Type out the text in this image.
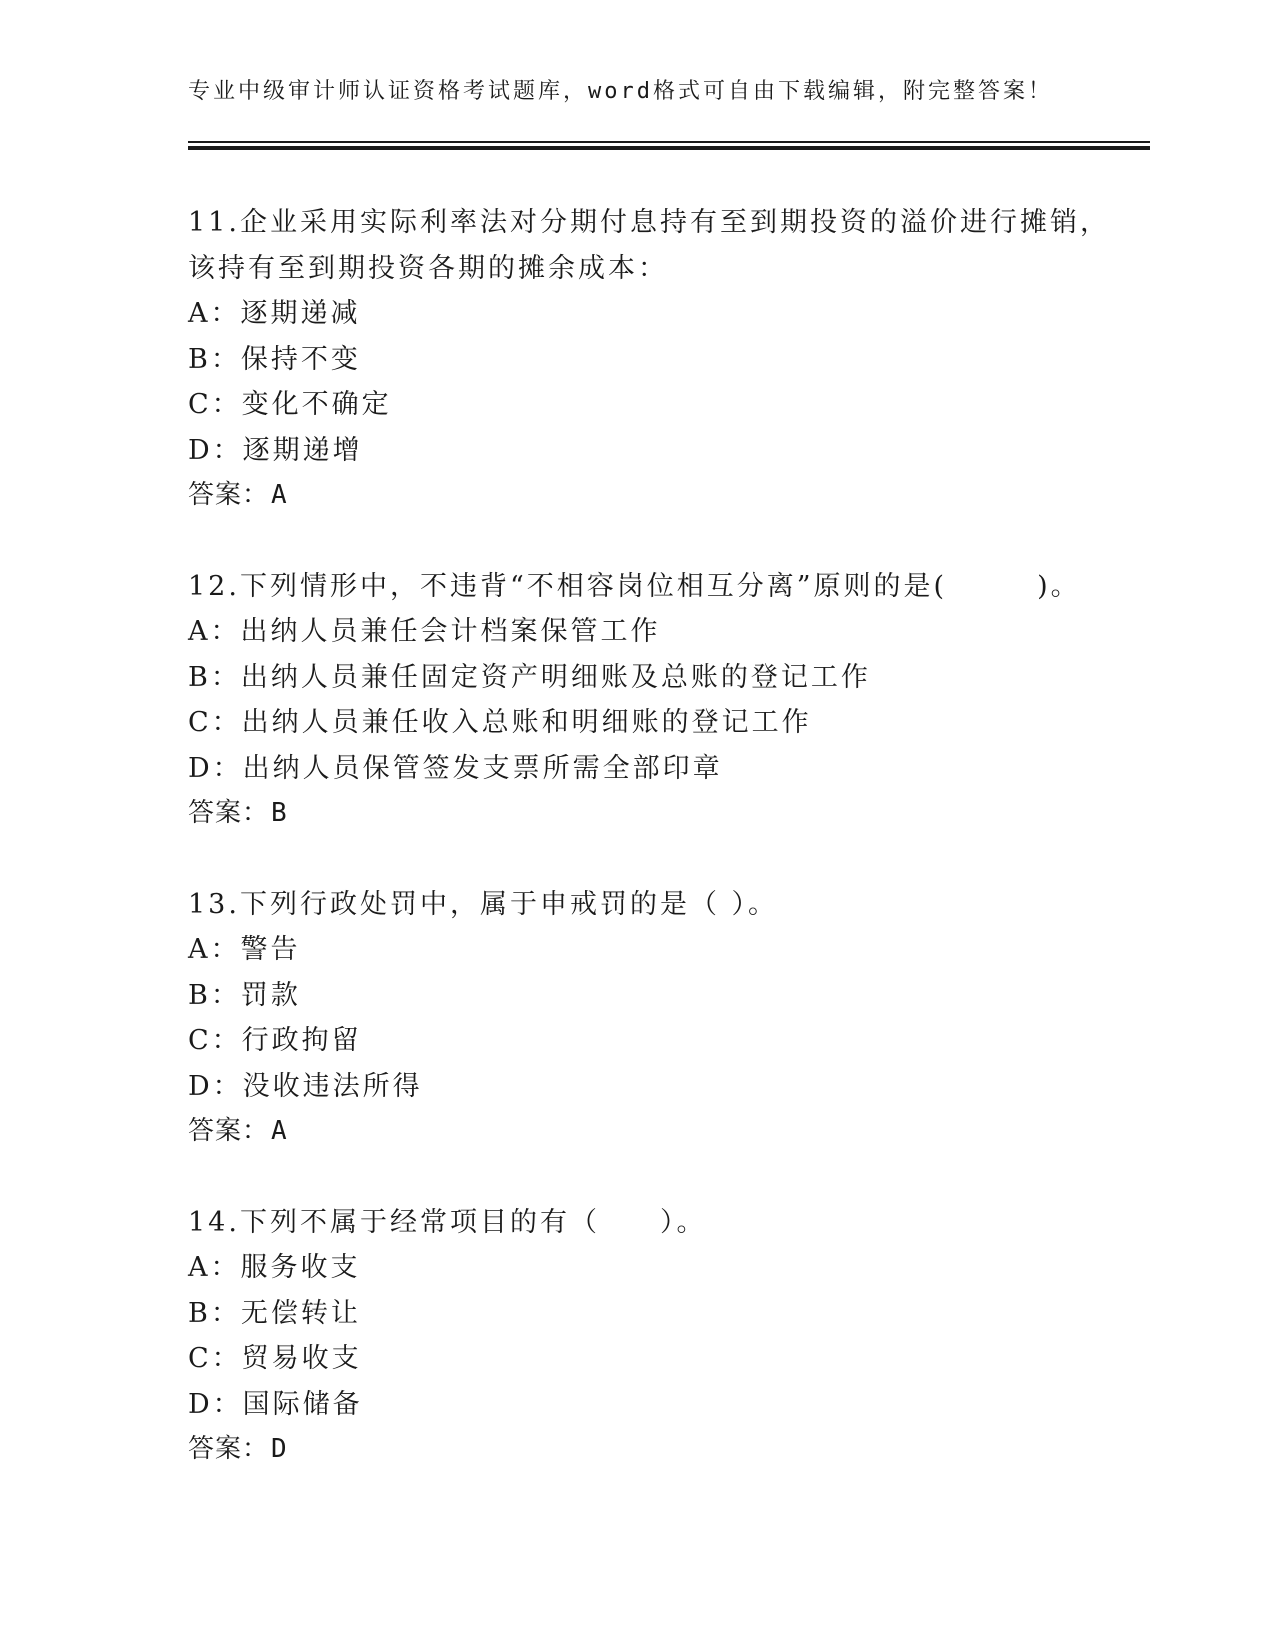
专业中级审计师认证资格考试题库，word格式可自由下载编辑，附完整答案！
11.企业采用实际利率法对分期付息持有至到期投资的溢价进行摊销，
该持有至到期投资各期的摊余成本：
A：逐期递减
B：保持不变
C：变化不确定
D：逐期递增
答案：A
12.下列情形中，不违背“不相容岗位相互分离”原则的是(　　　)。
A：出纳人员兼任会计档案保管工作
B：出纳人员兼任固定资产明细账及总账的登记工作
C：出纳人员兼任收入总账和明细账的登记工作
D：出纳人员保管签发支票所需全部印章
答案：B
13.下列行政处罚中，属于申戒罚的是（ ）。
A：警告
B：罚款
C：行政拘留
D：没收违法所得
答案：A
14.下列不属于经常项目的有（　　）。
A：服务收支
B：无偿转让
C：贸易收支
D：国际储备
答案：D
